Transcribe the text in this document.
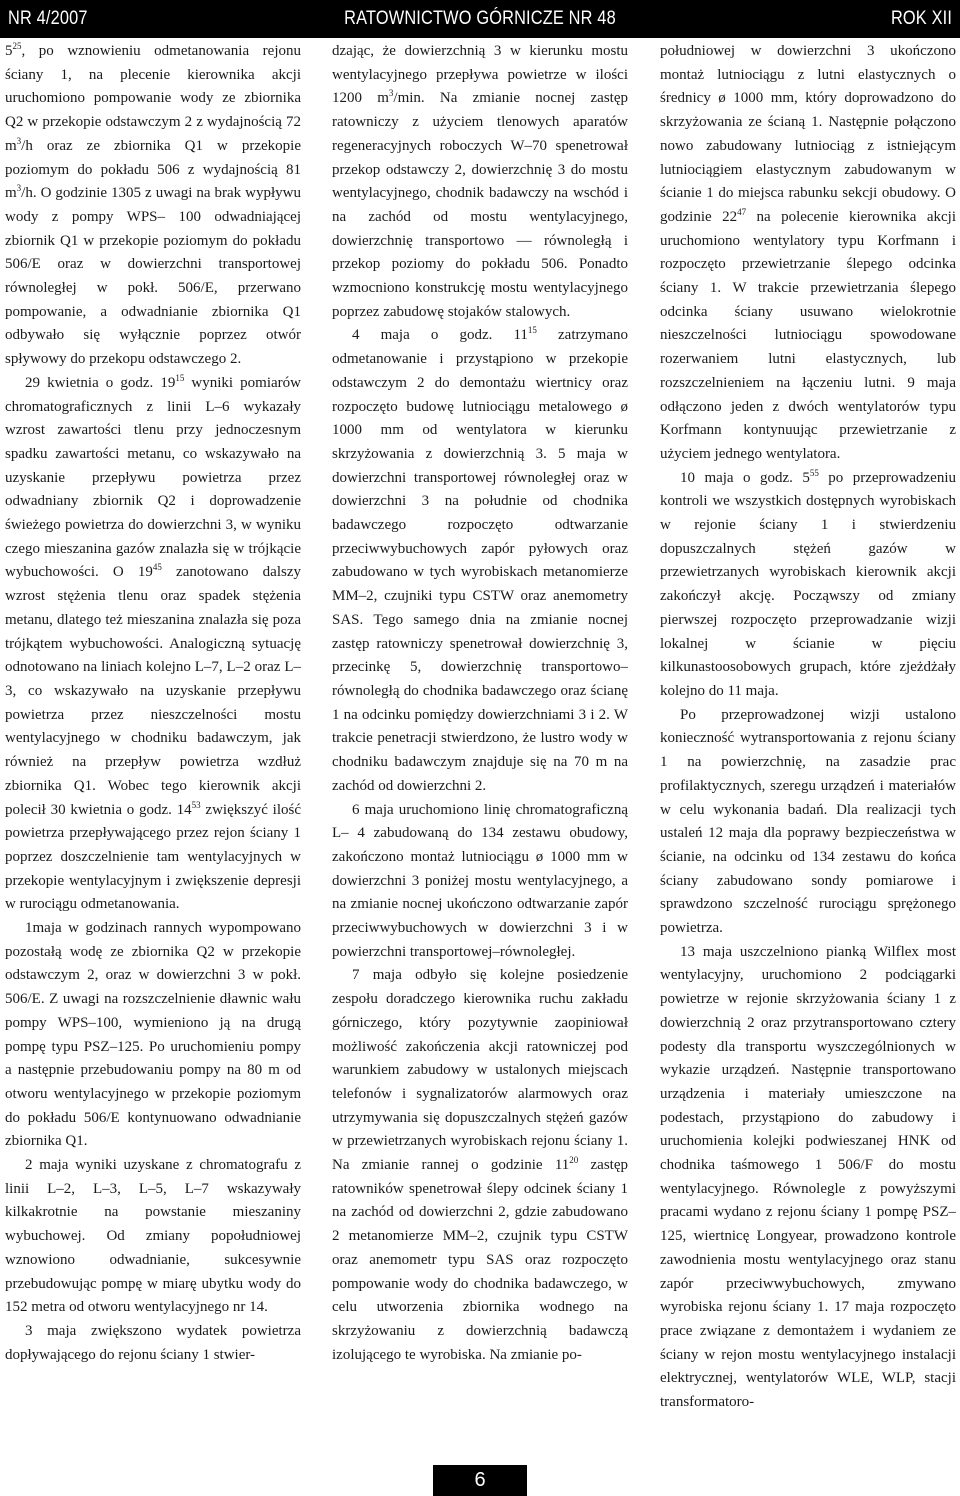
NR 4/2007	RATOWNICTWO GÓRNICZE NR 48	ROK XII

$5^{25}$, po wznowieniu odmetanowania rejonu ściany 1, na plecenie kierownika akcji uruchomiono pompowanie wody ze zbiornika Q2 w przekopie odstawczym 2 z wydajnością 72 $m^3/h$ oraz ze zbiornika Q1 w przekopie poziomym do pokładu 506 z wydajnością 81 $m^3/h$. O godzinie 1305 z uwagi na brak wypływu wody z pompy WPS– 100 odwadniającej zbiornik Q1 w przekopie poziomym do pokładu 506/E oraz w dowierzchni transportowej równoległej w pokł. 506/E, przerwano pompowanie, a odwadnianie zbiornika Q1 odbywało się wyłącznie poprzez otwór spływowy do przekopu odstawczego 2.

29 kwietnia o godz. $19^{15}$ wyniki pomiarów chromatograficznych z linii L–6 wykazały wzrost zawartości tlenu przy jednoczesnym spadku zawartości metanu, co wskazywało na uzyskanie przepływu powietrza przez odwadniany zbiornik Q2 i doprowadzenie świeżego powietrza do dowierzchni 3, w wyniku czego mieszanina gazów znalazła się w trójkącie wybuchowości. O $19^{45}$ zanotowano dalszy wzrost stężenia tlenu oraz spadek stężenia metanu, dlatego też mieszanina znalazła się poza trójkątem wybuchowości. Analogiczną sytuację odnotowano na liniach kolejno L–7, L–2 oraz L–3, co wskazywało na uzyskanie przepływu powietrza przez nieszczelności mostu wentylacyjnego w chodniku badawczym, jak również na przepływ powietrza wzdłuż zbiornika Q1. Wobec tego kierownik akcji polecił 30 kwietnia o godz. $14^{53}$ zwiększyć ilość powietrza przepływającego przez rejon ściany 1 poprzez doszczelnienie tam wentylacyjnych w przekopie wentylacyjnym i zwiększenie depresji w rurociągu odmetanowania.

1maja w godzinach rannych wypompowano pozostałą wodę ze zbiornika Q2 w przekopie odstawczym 2, oraz w dowierzchni 3 w pokł. 506/E. Z uwagi na rozszczelnienie dławnic wału pompy WPS–100, wymieniono ją na drugą pompę typu PSZ–125. Po uruchomieniu pompy a następnie przebudowaniu pompy na 80 m od otworu wentylacyjnego w przekopie poziomym do pokładu 506/E kontynuowano odwadnianie zbiornika Q1.

2 maja wyniki uzyskane z chromatografu z linii L–2, L–3, L–5, L–7 wskazywały kilkakrotnie na powstanie mieszaniny wybuchowej. Od zmiany popołudniowej wznowiono odwadnianie, sukcesywnie przebudowując pompę w miarę ubytku wody do 152 metra od otworu wentylacyjnego nr 14.

3 maja zwiększono wydatek powietrza dopływającego do rejonu ściany 1 stwier-

dzając, że dowierzchnią 3 w kierunku mostu wentylacyjnego przepływa powietrze w ilości 1200 $m^3/\min$. Na zmianie nocnej zastęp ratowniczy z użyciem tlenowych aparatów regeneracyjnych roboczych W–70 spenetrował przekop odstawczy 2, dowierzchnię 3 do mostu wentylacyjnego, chodnik badawczy na wschód i na zachód od mostu wentylacyjnego, dowierzchnię transportowo — równoległą i przekop poziomy do pokładu 506. Ponadto wzmocniono konstrukcję mostu wentylacyjnego poprzez zabudowę stojaków stalowych.

4 maja o godz. $11^{15}$ zatrzymano odmetanowanie i przystąpiono w przekopie odstawczym 2 do demontażu wiertnicy oraz rozpoczęto budowę lutniociągu metalowego ø 1000 mm od wentylatora w kierunku skrzyżowania z dowierzchnią 3. 5 maja w dowierzchni transportowej równoległej oraz w dowierzchni 3 na południe od chodnika badawczego rozpoczęto odtwarzanie przeciwwybuchowych zapór pyłowych oraz zabudowano w tych wyrobiskach metanomierze MM–2, czujniki typu CSTW oraz anemometry SAS. Tego samego dnia na zmianie nocnej zastęp ratowniczy spenetrował dowierzchnię 3, przecinkę 5, dowierzchnię transportowo–równoległą do chodnika badawczego oraz ścianę 1 na odcinku pomiędzy dowierzchniami 3 i 2. W trakcie penetracji stwierdzono, że lustro wody w chodniku badawczym znajduje się na 70 m na zachód od dowierzchni 2.

6 maja uruchomiono linię chromatograficzną L– 4 zabudowaną do 134 zestawu obudowy, zakończono montaż lutniociągu ø 1000 mm w dowierzchni 3 poniżej mostu wentylacyjnego, a na zmianie nocnej ukończono odtwarzanie zapór przeciwwybuchowych w dowierzchni 3 i w powierzchni transportowej–równoległej.

7 maja odbyło się kolejne posiedzenie zespołu doradczego kierownika ruchu zakładu górniczego, który pozytywnie zaopiniował możliwość zakończenia akcji ratowniczej pod warunkiem zabudowy w ustalonych miejscach telefonów i sygnalizatorów alarmowych oraz utrzymywania się dopuszczalnych stężeń gazów w przewietrzanych wyrobiskach rejonu ściany 1. Na zmianie rannej o godzinie $11^{20}$ zastęp ratowników spenetrował ślepy odcinek ściany 1 na zachód od dowierzchni 2, gdzie zabudowano 2 metanomierze MM–2, czujnik typu CSTW oraz anemometr typu SAS oraz rozpoczęto pompowanie wody do chodnika badawczego, w celu utworzenia zbiornika wodnego na skrzyżowaniu z dowierzchnią badawczą izolującego te wyrobiska. Na zmianie po-

południowej w dowierzchni 3 ukończono montaż lutniociągu z lutni elastycznych o średnicy ø 1000 mm, który doprowadzono do skrzyżowania ze ścianą 1. Następnie połączono nowo zabudowany lutniociąg z istniejącym lutniociągiem elastycznym zabudowanym w ścianie 1 do miejsca rabunku sekcji obudowy. O godzinie $22^{47}$ na polecenie kierownika akcji uruchomiono wentylatory typu Korfmann i rozpoczęto przewietrzanie ślepego odcinka ściany 1. W trakcie przewietrzania ślepego odcinka ściany usuwano wielokrotnie nieszczelności lutniociągu spowodowane rozerwaniem lutni elastycznych, lub rozszczelnieniem na łączeniu lutni. 9 maja odłączono jeden z dwóch wentylatorów typu Korfmann kontynuując przewietrzanie z użyciem jednego wentylatora.

10 maja o godz. $5^{55}$ po przeprowadzeniu kontroli we wszystkich dostępnych wyrobiskach w rejonie ściany 1 i stwierdzeniu dopuszczalnych stężeń gazów w przewietrzanych wyrobiskach kierownik akcji zakończył akcję. Począwszy od zmiany pierwszej rozpoczęto przeprowadzanie wizji lokalnej w ścianie w pięciu kilkunastoosobowych grupach, które zjeżdżały kolejno do 11 maja.

Po przeprowadzonej wizji ustalono konieczność wytransportowania z rejonu ściany 1 na powierzchnię, na zasadzie prac profilaktycznych, szeregu urządzeń i materiałów w celu wykonania badań. Dla realizacji tych ustaleń 12 maja dla poprawy bezpieczeństwa w ścianie, na odcinku od 134 zestawu do końca ściany zabudowano sondy pomiarowe i sprawdzono szczelność rurociągu sprężonego powietrza.

13 maja uszczelniono pianką Wilflex most wentylacyjny, uruchomiono 2 podciągarki powietrze w rejonie skrzyżowania ściany 1 z dowierzchnią 2 oraz przytransportowano cztery podesty dla transportu wyszczególnionych w wykazie urządzeń. Następnie transportowano urządzenia i materiały umieszczone na podestach, przystąpiono do zabudowy i uruchomienia kolejki podwieszanej HNK od chodnika taśmowego 1 506/F do mostu wentylacyjnego. Równolegle z powyższymi pracami wydano z rejonu ściany 1 pompę PSZ–125, wiertnicę Longyear, prowadzono kontrole zawodnienia mostu wentylacyjnego oraz stanu zapór przeciwwybuchowych, zmywano wyrobiska rejonu ściany 1. 17 maja rozpoczęto prace związane z demontażem i wydaniem ze ściany w rejon mostu wentylacyjnego instalacji elektrycznej, wentylatorów WLE, WLP, stacji transformatoro-

6
